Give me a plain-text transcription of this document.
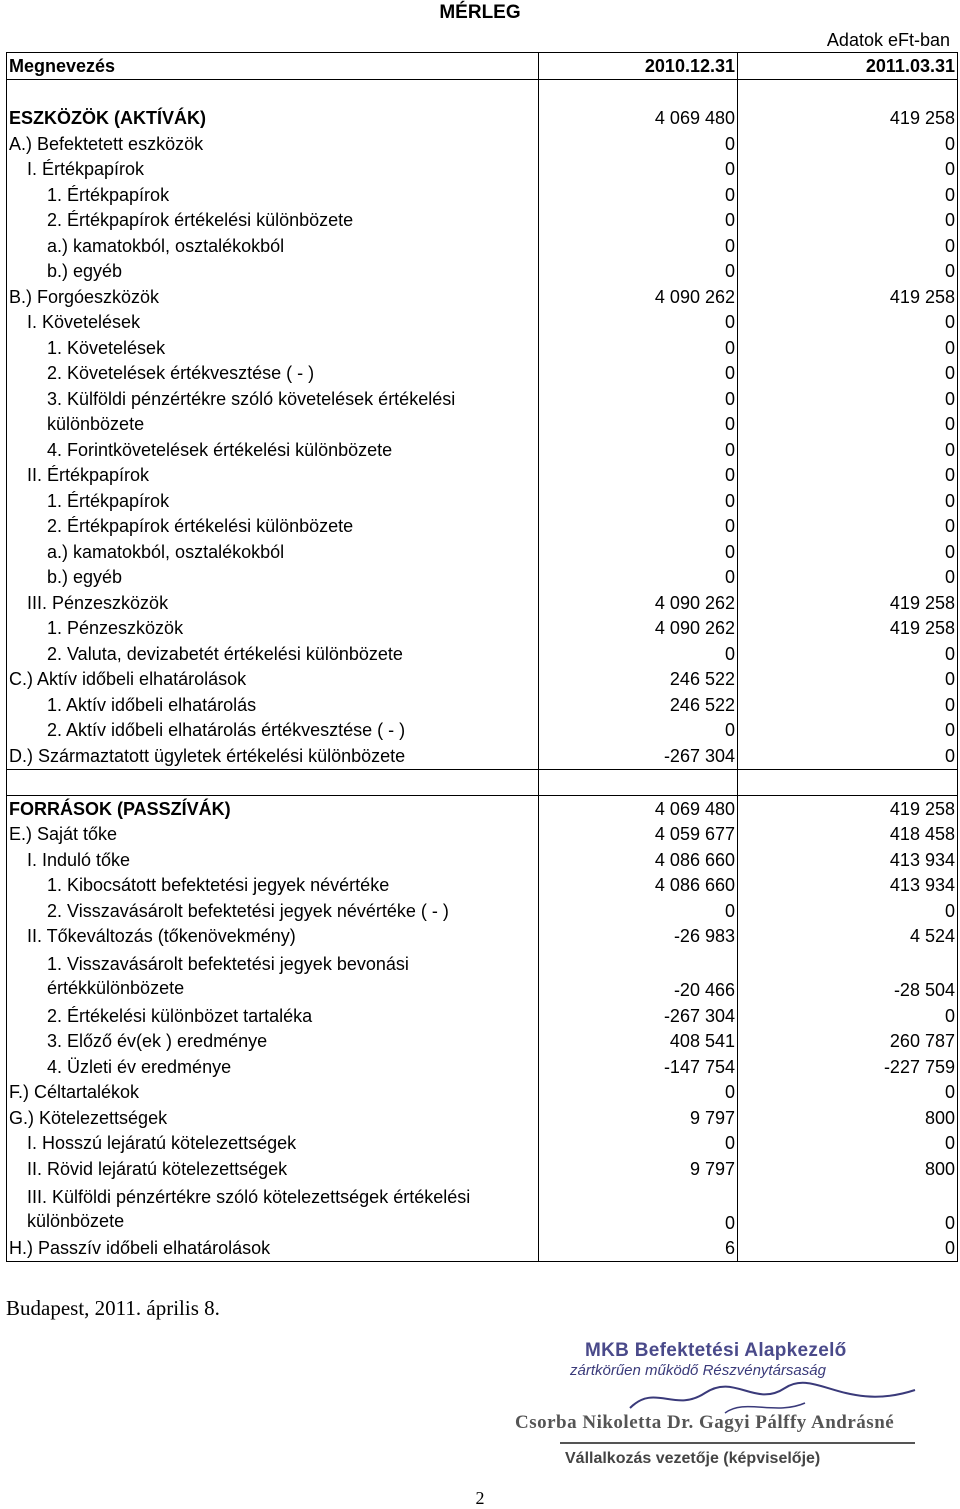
MÉRLEG
Adatok eFt-ban
Megnevezés	2010.12.31	2011.03.31

ESZKÖZÖK (AKTÍVÁK)	4 069 480	419 258
A.) Befektetett eszközök	0	0
I. Értékpapírok	0	0
1. Értékpapírok	0	0
2. Értékpapírok értékelési különbözete	0	0
a.) kamatokból, osztalékokból	0	0
b.) egyéb	0	0
B.) Forgóeszközök	4 090 262	419 258
I. Követelések	0	0
1. Követelések	0	0
2. Követelések értékvesztése ( - )	0	0
3. Külföldi pénzértékre szóló követelések értékelési	0	0
különbözete	0	0
4. Forintkövetelések értékelési különbözete	0	0
II. Értékpapírok	0	0
1. Értékpapírok	0	0
2. Értékpapírok értékelési különbözete	0	0
a.) kamatokból, osztalékokból	0	0
b.) egyéb	0	0
III. Pénzeszközök	4 090 262	419 258
1. Pénzeszközök	4 090 262	419 258
2. Valuta, devizabetét értékelési különbözete	0	0
C.) Aktív időbeli elhatárolások	246 522	0
1. Aktív időbeli elhatárolás	246 522	0
2. Aktív időbeli elhatárolás értékvesztése ( - )	0	0
D.) Származtatott ügyletek értékelési különbözete	-267 304	0

FORRÁSOK (PASSZÍVÁK)	4 069 480	419 258
E.) Saját tőke	4 059 677	418 458
I. Induló tőke	4 086 660	413 934
1. Kibocsátott befektetési jegyek névértéke	4 086 660	413 934
2. Visszavásárolt befektetési jegyek névértéke ( - )	0	0
II. Tőkeváltozás (tőkenövekmény)	-26 983	4 524
1. Visszavásárolt befektetési jegyek bevonási értékkülönbözete	-20 466	-28 504
2. Értékelési különbözet tartaléka	-267 304	0
3. Előző év(ek ) eredménye	408 541	260 787
4. Üzleti év eredménye	-147 754	-227 759
F.) Céltartalékok	0	0
G.) Kötelezettségek	9 797	800
I. Hosszú lejáratú kötelezettségek	0	0
II. Rövid lejáratú kötelezettségek	9 797	800
III. Külföldi pénzértékre szóló kötelezettségek értékelési különbözete	0	0
H.) Passzív időbeli elhatárolások	6	0
Budapest, 2011. április 8.
MKB Befektetési Alapkezelő
zártkörűen működő Részvénytársaság
Csorba Nikoletta Dr. Gagyi Pálffy Andrásné
Vállalkozás vezetője (képviselője)
2
